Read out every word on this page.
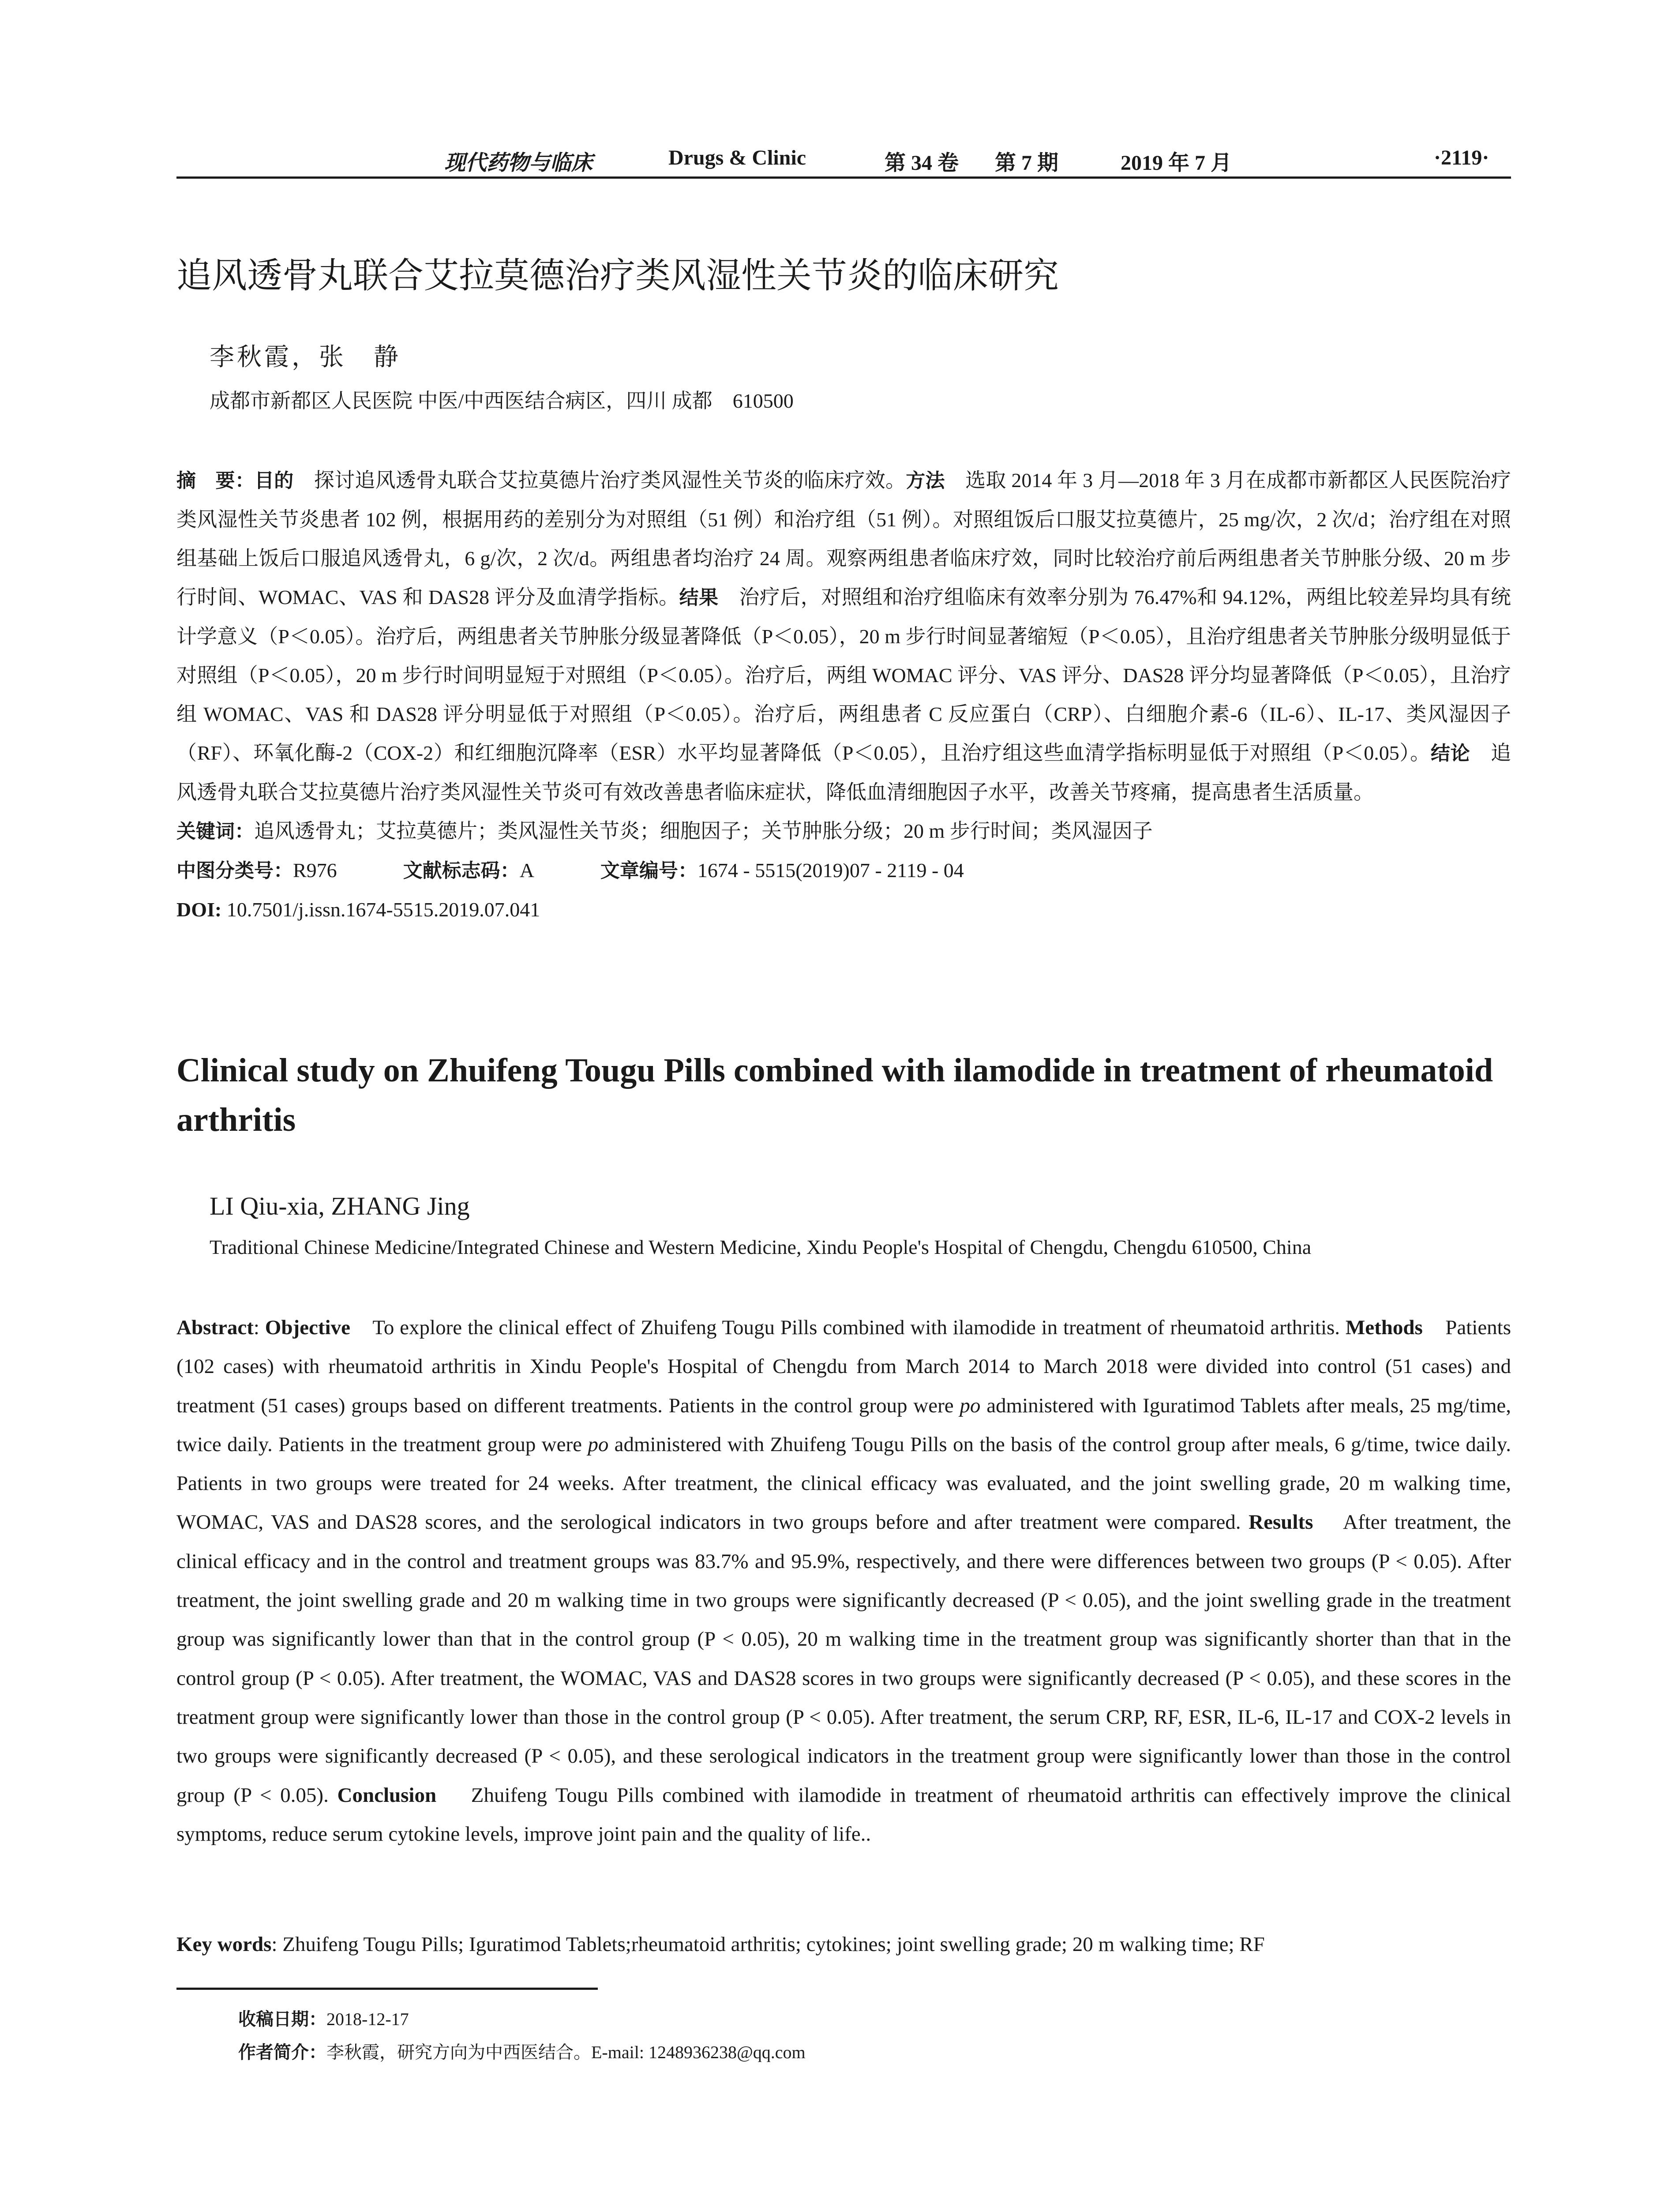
现代药物与临床	Drugs & Clinic	第 34 卷 第 7 期	2019 年 7 月	·2119·
追风透骨丸联合艾拉莫德治疗类风湿性关节炎的临床研究
李秋霞，张　静
成都市新都区人民医院 中医/中西医结合病区，四川 成都　610500
摘　要：目的　 探讨追风透骨丸联合艾拉莫德片治疗类风湿性关节炎的临床疗效。方法　 选取 2014 年 3 月—2018 年 3 月在成都市新都区人民医院治疗类风湿性关节炎患者 102 例，根据用药的差别分为对照组（51 例）和治疗组（51 例）。对照组饭后口服艾拉莫德片，25 mg/次，2 次/d；治疗组在对照组基础上饭后口服追风透骨丸，6 g/次，2 次/d。两组患者均治疗 24 周。观察两组患者临床疗效，同时比较治疗前后两组患者关节肿胀分级、20 m 步行时间、WOMAC、VAS 和 DAS28 评分及血清学指标。结果　 治疗后，对照组和治疗组临床有效率分别为 76.47%和 94.12%，两组比较差异均具有统计学意义（P＜0.05）。治疗后，两组患者关节肿胀分级显著降低（P＜0.05），20 m 步行时间显著缩短（P＜0.05），且治疗组患者关节肿胀分级明显低于对照组（P＜0.05），20 m 步行时间明显短于对照组（P＜0.05）。治疗后，两组 WOMAC 评分、VAS 评分、DAS28 评分均显著降低（P＜0.05），且治疗组 WOMAC、VAS 和 DAS28 评分明显低于对照组（P＜0.05）。治疗后，两组患者 C 反应蛋白（CRP）、白细胞介素-6（IL-6）、IL-17、类风湿因子（RF）、环氧化酶-2（COX-2）和红细胞沉降率（ESR）水平均显著降低（P＜0.05），且治疗组这些血清学指标明显低于对照组（P＜0.05）。结论　 追风透骨丸联合艾拉莫德片治疗类风湿性关节炎可有效改善患者临床症状，降低血清细胞因子水平，改善关节疼痛，提高患者生活质量。
关键词：追风透骨丸；艾拉莫德片；类风湿性关节炎；细胞因子；关节肿胀分级；20 m 步行时间；类风湿因子
中图分类号：R976	文献标志码：A	文章编号：1674 - 5515(2019)07 - 2119 - 04
DOI: 10.7501/j.issn.1674-5515.2019.07.041
Clinical study on Zhuifeng Tougu Pills combined with ilamodide in treatment of rheumatoid arthritis
LI Qiu-xia, ZHANG Jing
Traditional Chinese Medicine/Integrated Chinese and Western Medicine, Xindu People's Hospital of Chengdu, Chengdu 610500, China
Abstract: Objective To explore the clinical effect of Zhuifeng Tougu Pills combined with ilamodide in treatment of rheumatoid arthritis. Methods Patients (102 cases) with rheumatoid arthritis in Xindu People's Hospital of Chengdu from March 2014 to March 2018 were divided into control (51 cases) and treatment (51 cases) groups based on different treatments. Patients in the control group were po administered with Iguratimod Tablets after meals, 25 mg/time, twice daily. Patients in the treatment group were po administered with Zhuifeng Tougu Pills on the basis of the control group after meals, 6 g/time, twice daily. Patients in two groups were treated for 24 weeks. After treatment, the clinical efficacy was evaluated, and the joint swelling grade, 20 m walking time, WOMAC, VAS and DAS28 scores, and the serological indicators in two groups before and after treatment were compared. Results After treatment, the clinical efficacy and in the control and treatment groups was 83.7% and 95.9%, respectively, and there were differences between two groups (P < 0.05). After treatment, the joint swelling grade and 20 m walking time in two groups were significantly decreased (P < 0.05), and the joint swelling grade in the treatment group was significantly lower than that in the control group (P < 0.05), 20 m walking time in the treatment group was significantly shorter than that in the control group (P < 0.05). After treatment, the WOMAC, VAS and DAS28 scores in two groups were significantly decreased (P < 0.05), and these scores in the treatment group were significantly lower than those in the control group (P < 0.05). After treatment, the serum CRP, RF, ESR, IL-6, IL-17 and COX-2 levels in two groups were significantly decreased (P < 0.05), and these serological indicators in the treatment group were significantly lower than those in the control group (P < 0.05). Conclusion Zhuifeng Tougu Pills combined with ilamodide in treatment of rheumatoid arthritis can effectively improve the clinical symptoms, reduce serum cytokine levels, improve joint pain and the quality of life..
Key words: Zhuifeng Tougu Pills; Iguratimod Tablets;rheumatoid arthritis; cytokines; joint swelling grade; 20 m walking time; RF
收稿日期：2018-12-17
作者简介：李秋霞，研究方向为中西医结合。E-mail: 1248936238@qq.com
